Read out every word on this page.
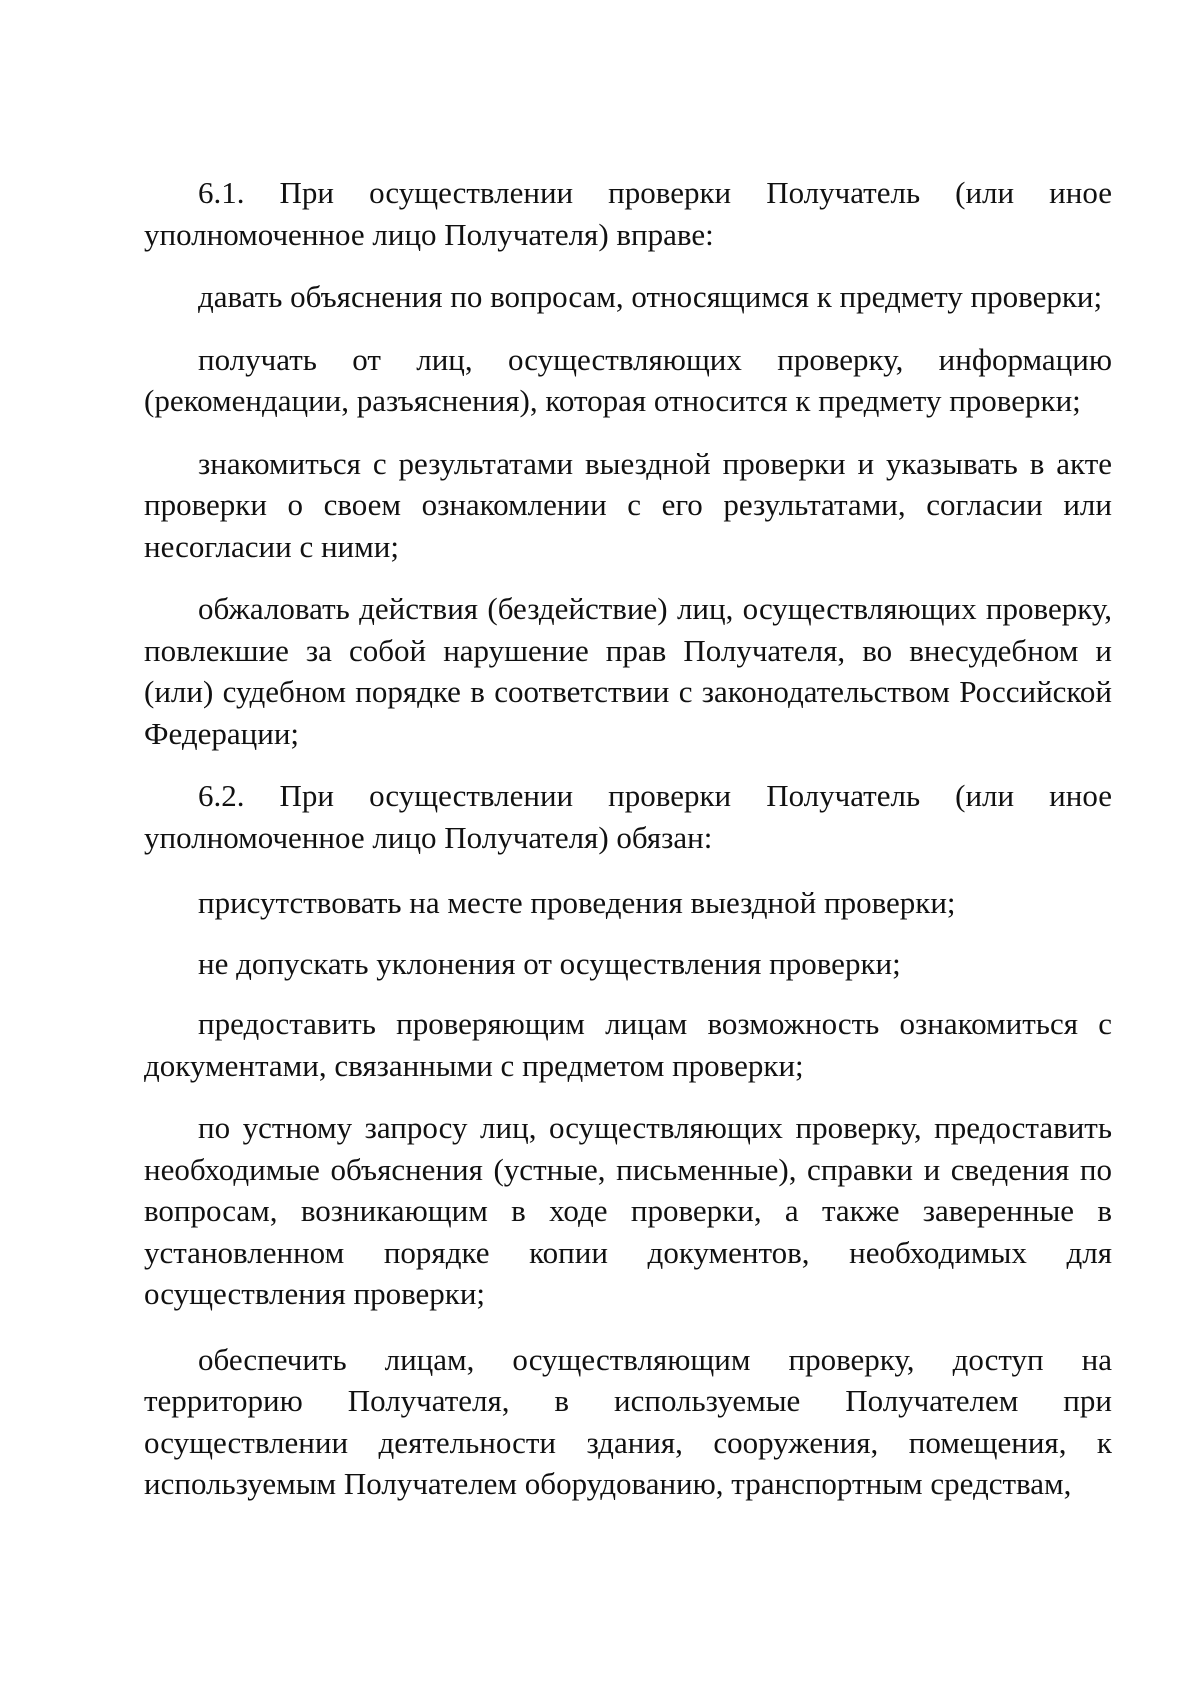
6.1. При осуществлении проверки Получатель (или иное уполномоченное лицо Получателя) вправе:

давать объяснения по вопросам, относящимся к предмету проверки;

получать от лиц, осуществляющих проверку, информацию (рекомендации, разъяснения), которая относится к предмету проверки;

знакомиться с результатами выездной проверки и указывать в акте проверки о своем ознакомлении с его результатами, согласии или несогласии с ними;

обжаловать действия (бездействие) лиц, осуществляющих проверку, повлекшие за собой нарушение прав Получателя, во внесудебном и (или) судебном порядке в соответствии с законодательством Российской Федерации;

6.2. При осуществлении проверки Получатель (или иное уполномоченное лицо Получателя) обязан:

присутствовать на месте проведения выездной проверки;

не допускать уклонения от осуществления проверки;

предоставить проверяющим лицам возможность ознакомиться с документами, связанными с предметом проверки;

по устному запросу лиц, осуществляющих проверку, предоставить необходимые объяснения (устные, письменные), справки и сведения по вопросам, возникающим в ходе проверки, а также заверенные в установленном порядке копии документов, необходимых для осуществления проверки;

обеспечить лицам, осуществляющим проверку, доступ на территорию Получателя, в используемые Получателем при осуществлении деятельности здания, сооружения, помещения, к используемым Получателем оборудованию, транспортным средствам,
